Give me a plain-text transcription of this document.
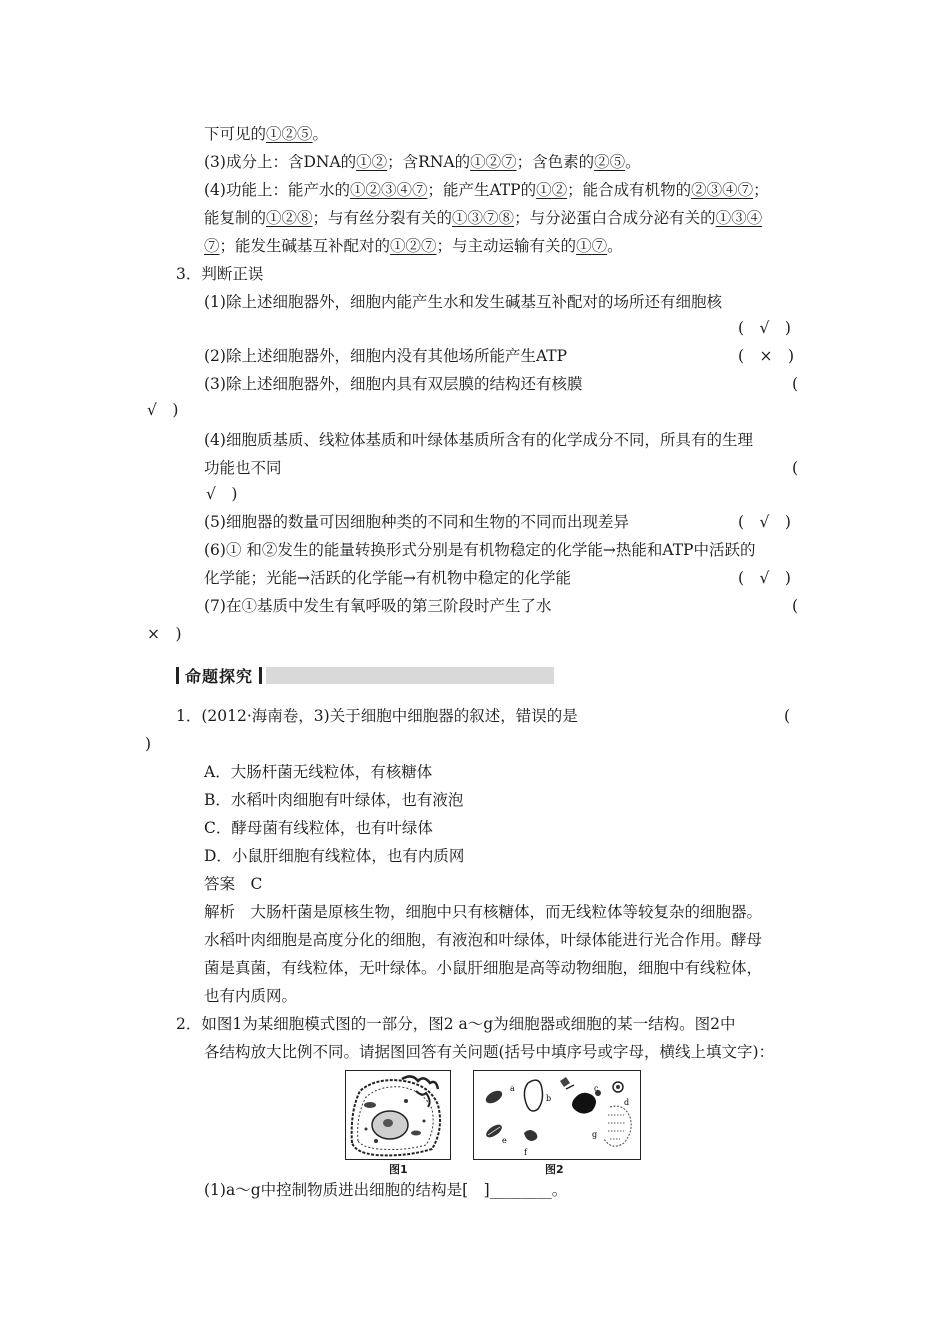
下可见的①②⑤。
(3)成分上：含DNA的①②；含RNA的①②⑦；含色素的②⑤。
(4)功能上：能产水的①②③④⑦；能产生ATP的①②；能合成有机物的②③④⑦；
能复制的①②⑧；与有丝分裂有关的①③⑦⑧；与分泌蛋白合成分泌有关的①③④
⑦；能发生碱基互补配对的①②⑦；与主动运输有关的①⑦。
3．判断正误
(1)除上述细胞器外，细胞内能产生水和发生碱基互补配对的场所还有细胞核
(　√　)
(2)除上述细胞器外，细胞内没有其他场所能产生ATP	(　×　)
(3)除上述细胞器外，细胞内具有双层膜的结构还有核膜	(
√　)
(4)细胞质基质、线粒体基质和叶绿体基质所含有的化学成分不同，所具有的生理
功能也不同	(
√　)
(5)细胞器的数量可因细胞种类的不同和生物的不同而出现差异	(　√　)
(6)① 和②发生的能量转换形式分别是有机物稳定的化学能→热能和ATP中活跃的
化学能；光能→活跃的化学能→有机物中稳定的化学能	(　√　)
(7)在①基质中发生有氧呼吸的第三阶段时产生了水	(
×　)
命题探究
1．(2012·海南卷，3)关于细胞中细胞器的叙述，错误的是	(
)
A．大肠杆菌无线粒体，有核糖体
B．水稻叶肉细胞有叶绿体，也有液泡
C．酵母菌有线粒体，也有叶绿体
D．小鼠肝细胞有线粒体，也有内质网
答案　C
解析　大肠杆菌是原核生物，细胞中只有核糖体，而无线粒体等较复杂的细胞器。
水稻叶肉细胞是高度分化的细胞，有液泡和叶绿体，叶绿体能进行光合作用。酵母
菌是真菌，有线粒体，无叶绿体。小鼠肝细胞是高等动物细胞，细胞中有线粒体，
也有内质网。
2．如图1为某细胞模式图的一部分，图2 a～g为细胞器或细胞的某一结构。图2中
各结构放大比例不同。请据图回答有关问题(括号中填序号或字母，横线上填文字)：
图1
a
b
c
d
e
f
g
图2
(1)a～g中控制物质进出细胞的结构是[　]________。
